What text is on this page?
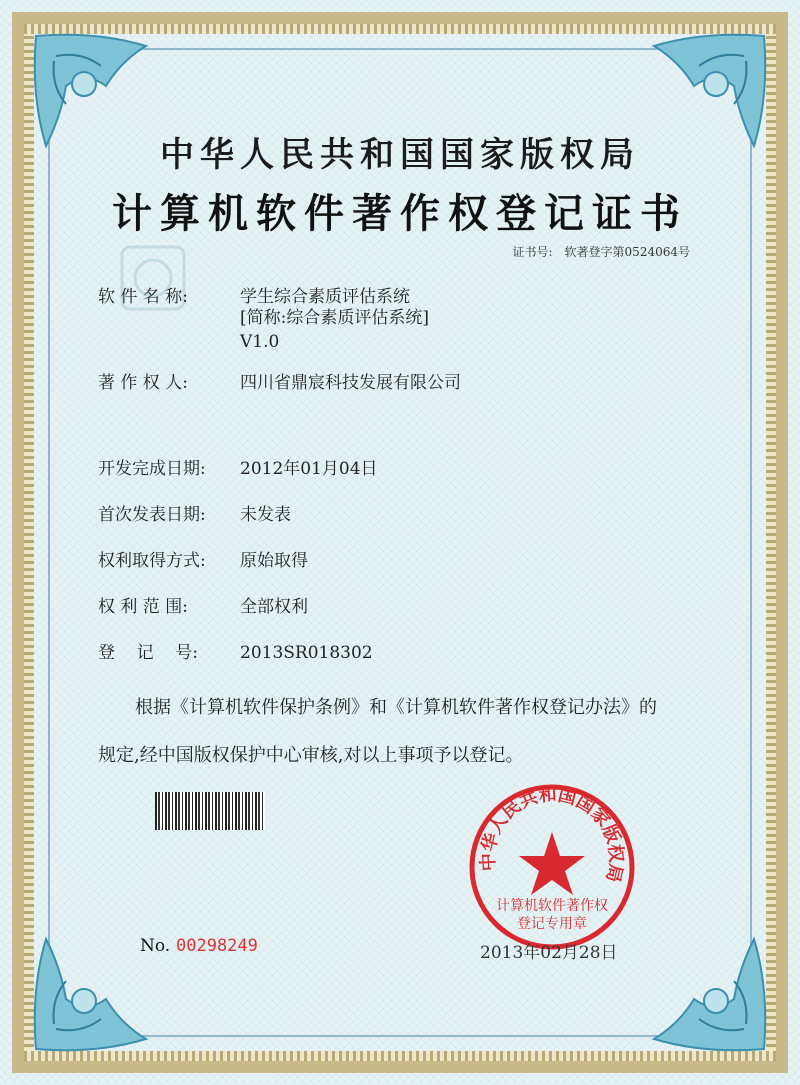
中华人民共和国国家版权局
计算机软件著作权登记证书
证书号: 软著登字第0524064号
软 件 名 称:	学生综合素质评估系统
[简称:综合素质评估系统]
V1.0
著 作 权 人:	四川省鼎宸科技发展有限公司
开发完成日期: 2012年01月04日
首次发表日期: 未发表
权利取得方式: 原始取得
权 利 范 围:	全部权利
登    记    号: 2013SR018302
根据《计算机软件保护条例》和《计算机软件著作权登记办法》的
规定,经中国版权保护中心审核,对以上事项予以登记。
中华人民共和国国家版权局
计算机软件著作权
登记专用章
No. 00298249	2013年02月28日
